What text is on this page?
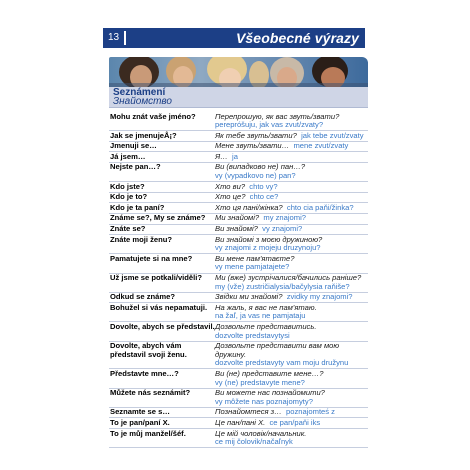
13	Všeobecné výrazy
Seznámení
Знайомство
Mohu znát vaše jméno?	Перепрошую, як вас звуть/звати?
perepróšuju, jak vas zvut/zvaty?
Jak se jmenujeÅ¡?	Як тебе звуть/звати? jak tebe zvut/zvaty
Jmenuji se…	Мене звуть/звати… mene zvut/zvaty
Já jsem…	Я… ja
Nejste pan…?	Ви (випадково не) пан…?
vy (vypadkovo ne) pan?
Kdo jste?	Хто ви? chto vy?
Kdo je to?	Хто це? chto ce?
Kdo je ta paní?	Хто ця пані/жінка? chto cia paňi/žinka?
Známe se?, My se známe?	Ми знайомі? my znajomi?
Znáte se?	Ви знайомі? vy znajomi?
Znáte moji ženu?	Ви знайомі з моєю дружиною?
vy znajomi z mojeju druzynoju?
Pamatujete si na mne?	Ви мене пам'ятаєте?
vy mene pamjatajete?
Už jsme se potkali/viděli?	Ми (вже) зустрічалися/бачились раніше?
my (vže) zustričialysia/bačylysia raňiše?
Odkud se známe?	Звідки ми знайомі? zvidky my znajomi?
Bohužel si vás nepamatuji.	На жаль, я вас не пам'ятаю.
na žaľ, ja vas ne pamjataju
Dovolte, abych se představil. Дозвольте представитись.
dozvolte predstavytysi
Dovolte, abych vám představil svoji ženu.
Дозвольте представити вам мою дружину.
dozvolte predstavyty vam moju družynu
Představte mne…?	Ви (не) представите мене…?
vy (ne) predstavyte mene?
Můžete nás seznámit?	Ви можете нас познайомити?
vy môžete nas poznajomyty?
Seznamte se s…	Познайомтеся з… poznajomteś z
To je pan/paní X.	Це пан/пані Х. ce pan/paňi iks
To je můj manžel/šéf.	Це мій чоловік/начальник.
ce mij čolovik/načaľnyk
